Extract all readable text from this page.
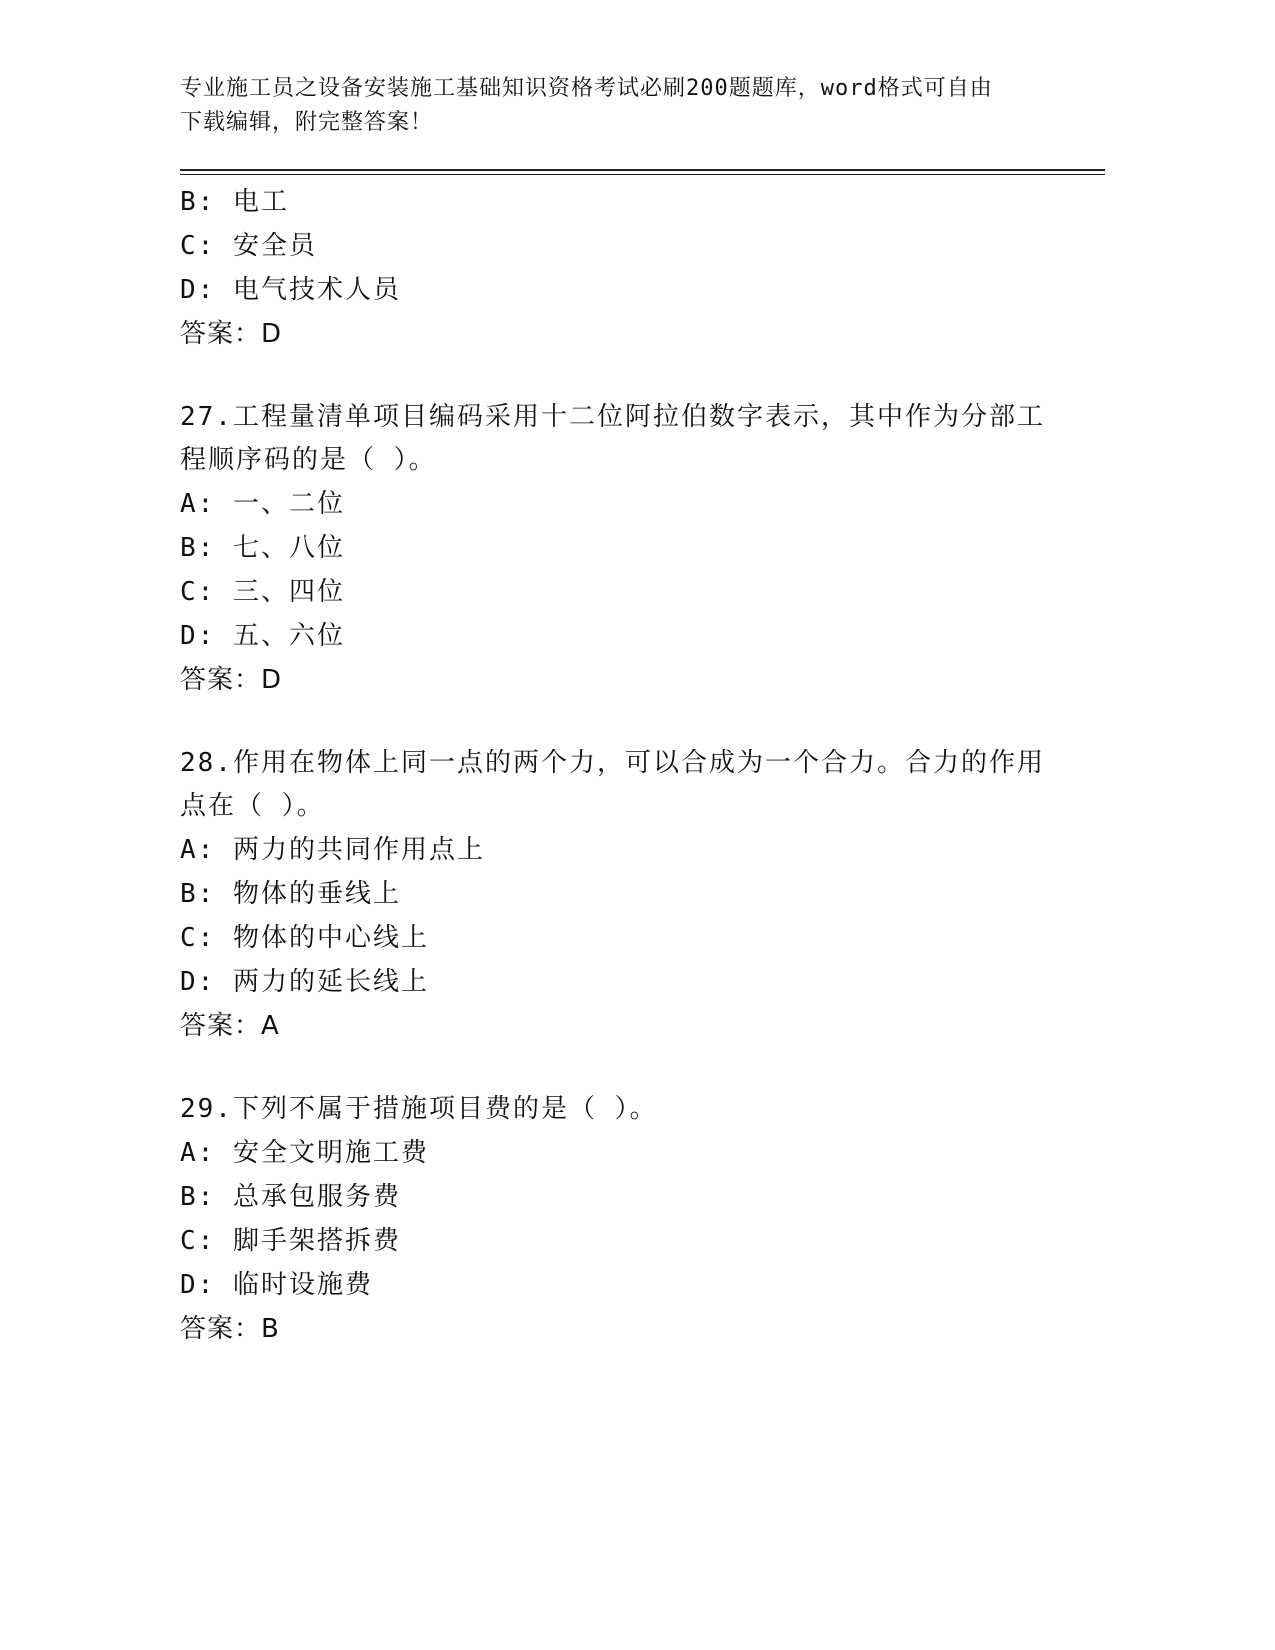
专业施工员之设备安装施工基础知识资格考试必刷200题题库，word格式可自由
下载编辑，附完整答案！
B: 电工
C: 安全员
D: 电气技术人员
答案：D
27.工程量清单项目编码采用十二位阿拉伯数字表示，其中作为分部工
程顺序码的是（ ）。
A: 一、二位
B: 七、八位
C: 三、四位
D: 五、六位
答案：D
28.作用在物体上同一点的两个力，可以合成为一个合力。合力的作用
点在（ ）。
A: 两力的共同作用点上
B: 物体的垂线上
C: 物体的中心线上
D: 两力的延长线上
答案：A
29.下列不属于措施项目费的是（ ）。
A: 安全文明施工费
B: 总承包服务费
C: 脚手架搭拆费
D: 临时设施费
答案：B
